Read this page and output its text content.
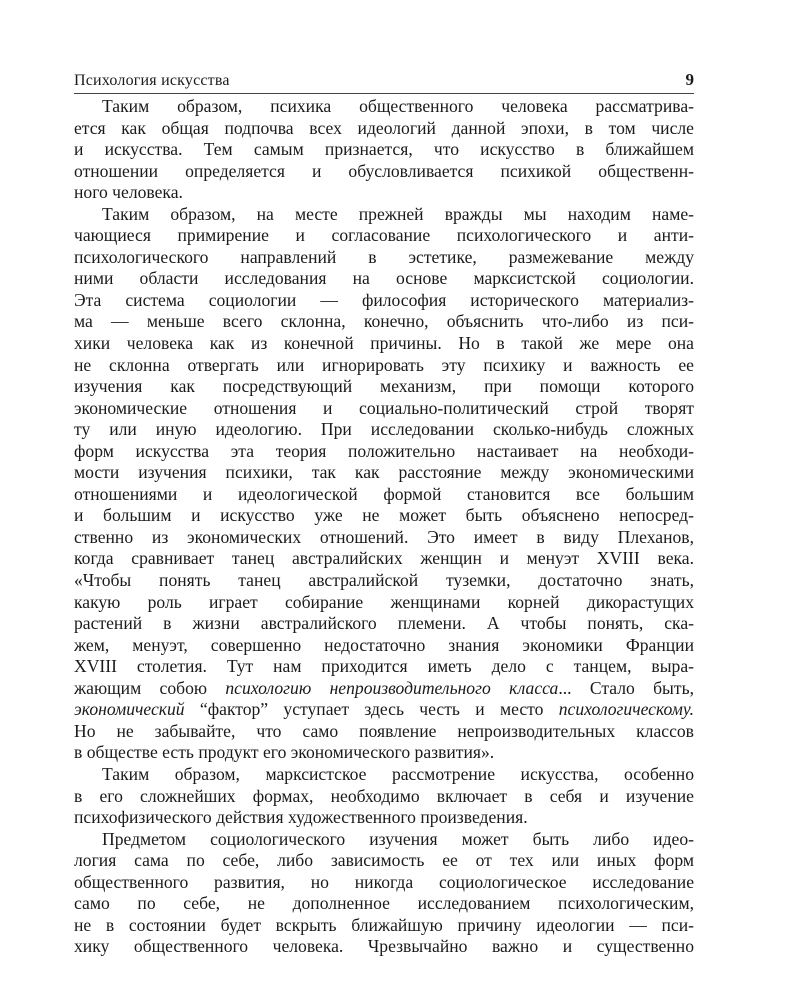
Психология искусства	9
Таким образом, психика общественного человека рассматрива-
ется как общая подпочва всех идеологий данной эпохи, в том числе
и искусства. Тем самым признается, что искусство в ближайшем
отношении определяется и обусловливается психикой общественн-
ного человека.
Таким образом, на месте прежней вражды мы находим наме-
чающиеся примирение и согласование психологического и анти-
психологического направлений в эстетике, размежевание между
ними области исследования на основе марксистской социологии.
Эта система социологии — философия исторического материализ-
ма — меньше всего склонна, конечно, объяснить что-либо из пси-
хики человека как из конечной причины. Но в такой же мере она
не склонна отвергать или игнорировать эту психику и важность ее
изучения как посредствующий механизм, при помощи которого
экономические отношения и социально-политический строй творят
ту или иную идеологию. При исследовании сколько-нибудь сложных
форм искусства эта теория положительно настаивает на необходи-
мости изучения психики, так как расстояние между экономическими
отношениями и идеологической формой становится все большим
и большим и искусство уже не может быть объяснено непосред-
ственно из экономических отношений. Это имеет в виду Плеханов,
когда сравнивает танец австралийских женщин и менуэт XVIII века.
«Чтобы понять танец австралийской туземки, достаточно знать,
какую роль играет собирание женщинами корней дикорастущих
растений в жизни австралийского племени. А чтобы понять, ска-
жем, менуэт, совершенно недостаточно знания экономики Франции
XVIII столетия. Тут нам приходится иметь дело с танцем, выра-
жающим собою психологию непроизводительного класса... Стало быть,
экономический “фактор” уступает здесь честь и место психологическому.
Но не забывайте, что само появление непроизводительных классов
в обществе есть продукт его экономического развития».
Таким образом, марксистское рассмотрение искусства, особенно
в его сложнейших формах, необходимо включает в себя и изучение
психофизического действия художественного произведения.
Предметом социологического изучения может быть либо идео-
логия сама по себе, либо зависимость ее от тех или иных форм
общественного развития, но никогда социологическое исследование
само по себе, не дополненное исследованием психологическим,
не в состоянии будет вскрыть ближайшую причину идеологии — пси-
хику общественного человека. Чрезвычайно важно и существенно
